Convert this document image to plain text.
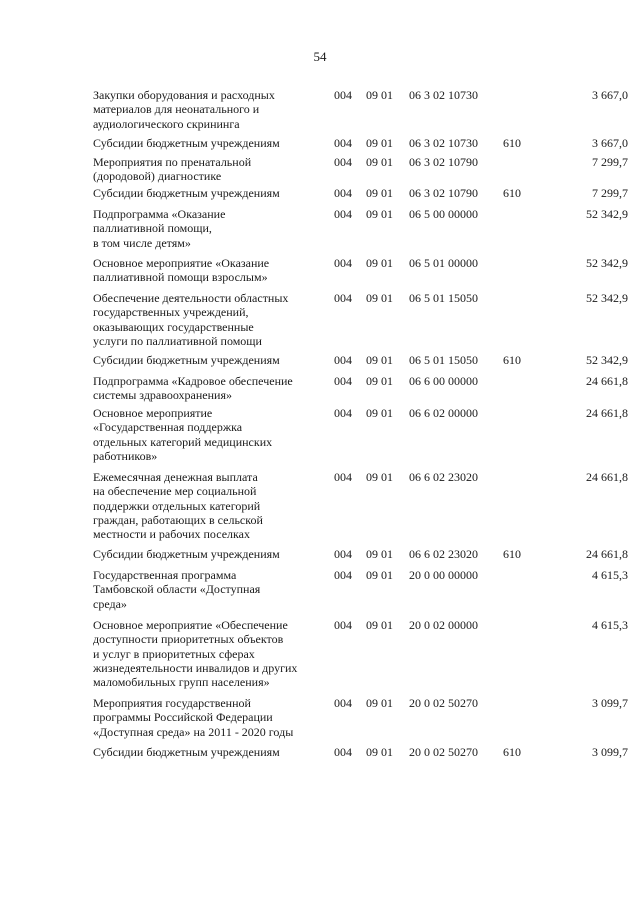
54
Закупки оборудования и расходных
материалов для неонатального и
аудиологического скрининга
004 09 01 06 3 02 10730	3 667,0
Субсидии бюджетным учреждениям	004 09 01 06 3 02 10730 610	3 667,0
Мероприятия по пренатальной
(дородовой) диагностике
004 09 01 06 3 02 10790	7 299,7
Субсидии бюджетным учреждениям	004 09 01 06 3 02 10790 610	7 299,7
Подпрограмма «Оказание
паллиативной помощи,
в том числе детям»
004 09 01 06 5 00 00000	52 342,9
Основное мероприятие «Оказание
паллиативной помощи взрослым»
004 09 01 06 5 01 00000	52 342,9
Обеспечение деятельности областных
государственных учреждений,
оказывающих государственные
услуги по паллиативной помощи
004 09 01 06 5 01 15050	52 342,9
Субсидии бюджетным учреждениям	004 09 01 06 5 01 15050 610	52 342,9
Подпрограмма «Кадровое обеспечение
системы здравоохранения»
004 09 01 06 6 00 00000	24 661,8
Основное мероприятие
«Государственная поддержка
отдельных категорий медицинских
работников»
004 09 01 06 6 02 00000	24 661,8
Ежемесячная денежная выплата
на обеспечение мер социальной
поддержки отдельных категорий
граждан, работающих в сельской
местности и рабочих поселках
004 09 01 06 6 02 23020	24 661,8
Субсидии бюджетным учреждениям	004 09 01 06 6 02 23020 610	24 661,8
Государственная программа
Тамбовской области «Доступная
среда»
004 09 01 20 0 00 00000	4 615,3
Основное мероприятие «Обеспечение
доступности приоритетных объектов
и услуг в приоритетных сферах
жизнедеятельности инвалидов и других
маломобильных групп населения»
004 09 01 20 0 02 00000	4 615,3
Мероприятия государственной
программы Российской Федерации
«Доступная среда» на 2011 - 2020 годы
004 09 01 20 0 02 50270	3 099,7
Субсидии бюджетным учреждениям	004 09 01 20 0 02 50270 610	3 099,7
